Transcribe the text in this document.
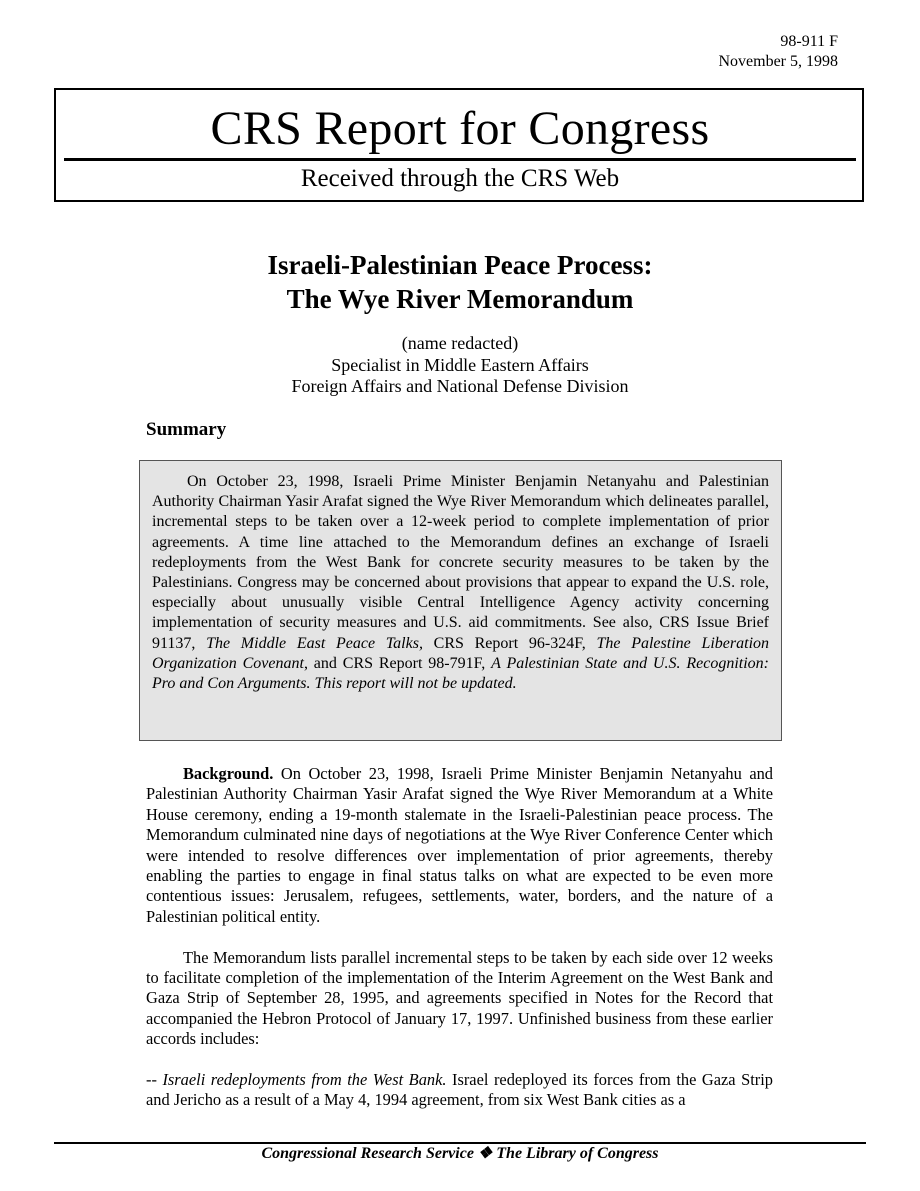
98-911 F
November 5, 1998
CRS Report for Congress
Received through the CRS Web
Israeli-Palestinian Peace Process:
The Wye River Memorandum
(name redacted)
Specialist in Middle Eastern Affairs
Foreign Affairs and National Defense Division
Summary

On October 23, 1998, Israeli Prime Minister Benjamin Netanyahu and Palestinian Authority Chairman Yasir Arafat signed the Wye River Memorandum which delineates parallel, incremental steps to be taken over a 12-week period to complete implementation of prior agreements. A time line attached to the Memorandum defines an exchange of Israeli redeployments from the West Bank for concrete security measures to be taken by the Palestinians. Congress may be concerned about provisions that appear to expand the U.S. role, especially about unusually visible Central Intelligence Agency activity concerning implementation of security measures and U.S. aid commitments. See also, CRS Issue Brief 91137, The Middle East Peace Talks, CRS Report 96-324F, The Palestine Liberation Organization Covenant, and CRS Report 98-791F, A Palestinian State and U.S. Recognition: Pro and Con Arguments. This report will not be updated.

Background. On October 23, 1998, Israeli Prime Minister Benjamin Netanyahu and Palestinian Authority Chairman Yasir Arafat signed the Wye River Memorandum at a White House ceremony, ending a 19-month stalemate in the Israeli-Palestinian peace process. The Memorandum culminated nine days of negotiations at the Wye River Conference Center which were intended to resolve differences over implementation of prior agreements, thereby enabling the parties to engage in final status talks on what are expected to be even more contentious issues: Jerusalem, refugees, settlements, water, borders, and the nature of a Palestinian political entity.

The Memorandum lists parallel incremental steps to be taken by each side over 12 weeks to facilitate completion of the implementation of the Interim Agreement on the West Bank and Gaza Strip of September 28, 1995, and agreements specified in Notes for the Record that accompanied the Hebron Protocol of January 17, 1997. Unfinished business from these earlier accords includes:

-- Israeli redeployments from the West Bank. Israel redeployed its forces from the Gaza Strip and Jericho as a result of a May 4, 1994 agreement, from six West Bank cities as a

Congressional Research Service ❖ The Library of Congress
